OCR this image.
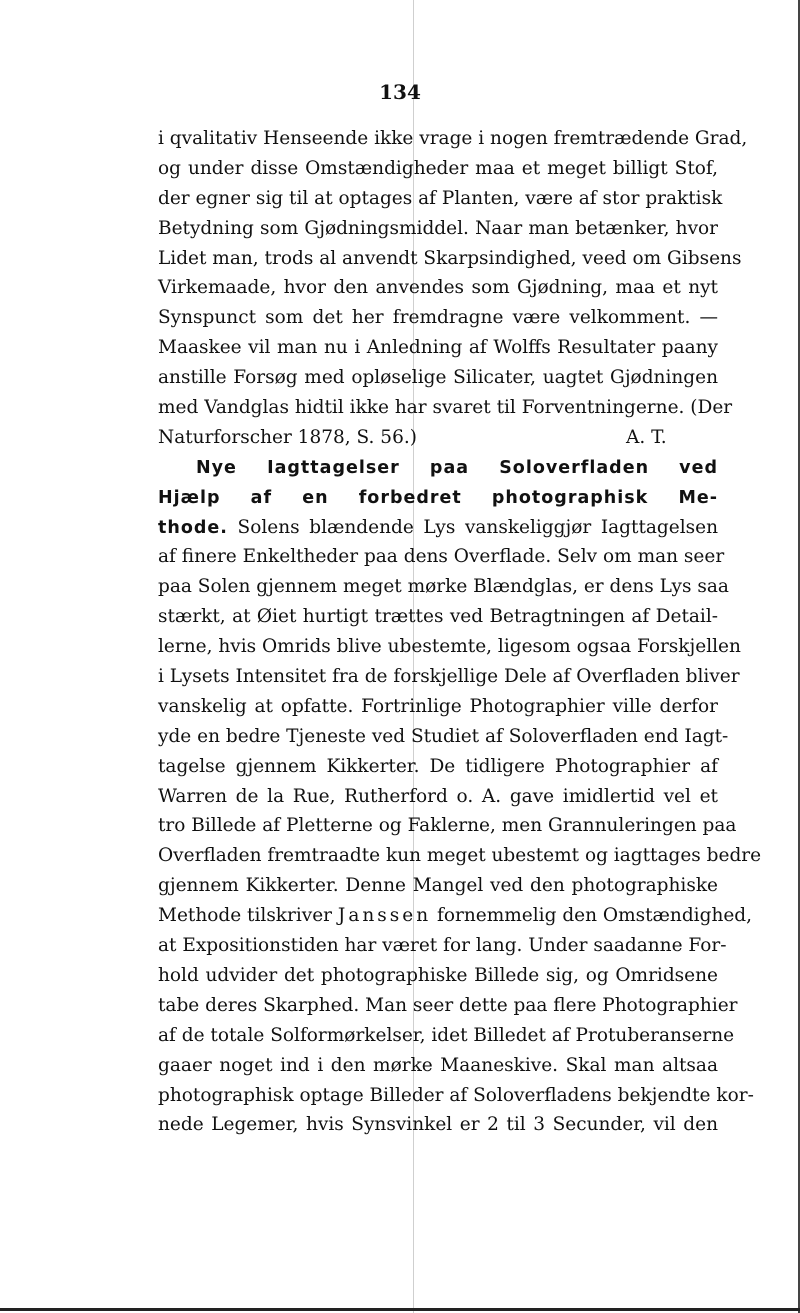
134
i qvalitativ Henseende ikke vrage i nogen fremtrædende Grad,
og under disse Omstændigheder maa et meget billigt Stof,
der egner sig til at optages af Planten, være af stor praktisk
Betydning som Gjødningsmiddel. Naar man betænker, hvor
Lidet man, trods al anvendt Skarpsindighed, veed om Gibsens
Virkemaade, hvor den anvendes som Gjødning, maa et nyt
Synspunct som det her fremdragne være velkomment. —
Maaskee vil man nu i Anledning af Wolffs Resultater paany
anstille Forsøg med opløselige Silicater, uagtet Gjødningen
med Vandglas hidtil ikke har svaret til Forventningerne. (Der
Naturforscher 1878, S. 56.)	A. T.
Nye Iagttagelser paa Soloverfladen ved
Hjælp af en forbedret photographisk Me-
thode. Solens blændende Lys vanskeliggjør Iagttagelsen
af finere Enkeltheder paa dens Overflade. Selv om man seer
paa Solen gjennem meget mørke Blændglas, er dens Lys saa
stærkt, at Øiet hurtigt trættes ved Betragtningen af Detail-
lerne, hvis Omrids blive ubestemte, ligesom ogsaa Forskjellen
i Lysets Intensitet fra de forskjellige Dele af Overfladen bliver
vanskelig at opfatte. Fortrinlige Photographier ville derfor
yde en bedre Tjeneste ved Studiet af Soloverfladen end Iagt-
tagelse gjennem Kikkerter. De tidligere Photographier af
Warren de la Rue, Rutherford o. A. gave imidlertid vel et
tro Billede af Pletterne og Faklerne, men Grannuleringen paa
Overfladen fremtraadte kun meget ubestemt og iagttages bedre
gjennem Kikkerter. Denne Mangel ved den photographiske
Methode tilskriver Janssen fornemmelig den Omstændighed,
at Expositionstiden har været for lang. Under saadanne For-
hold udvider det photographiske Billede sig, og Omridsene
tabe deres Skarphed. Man seer dette paa flere Photographier
af de totale Solformørkelser, idet Billedet af Protuberanserne
gaaer noget ind i den mørke Maaneskive. Skal man altsaa
photographisk optage Billeder af Soloverfladens bekjendte kor-
nede Legemer, hvis Synsvinkel er 2 til 3 Secunder, vil den
